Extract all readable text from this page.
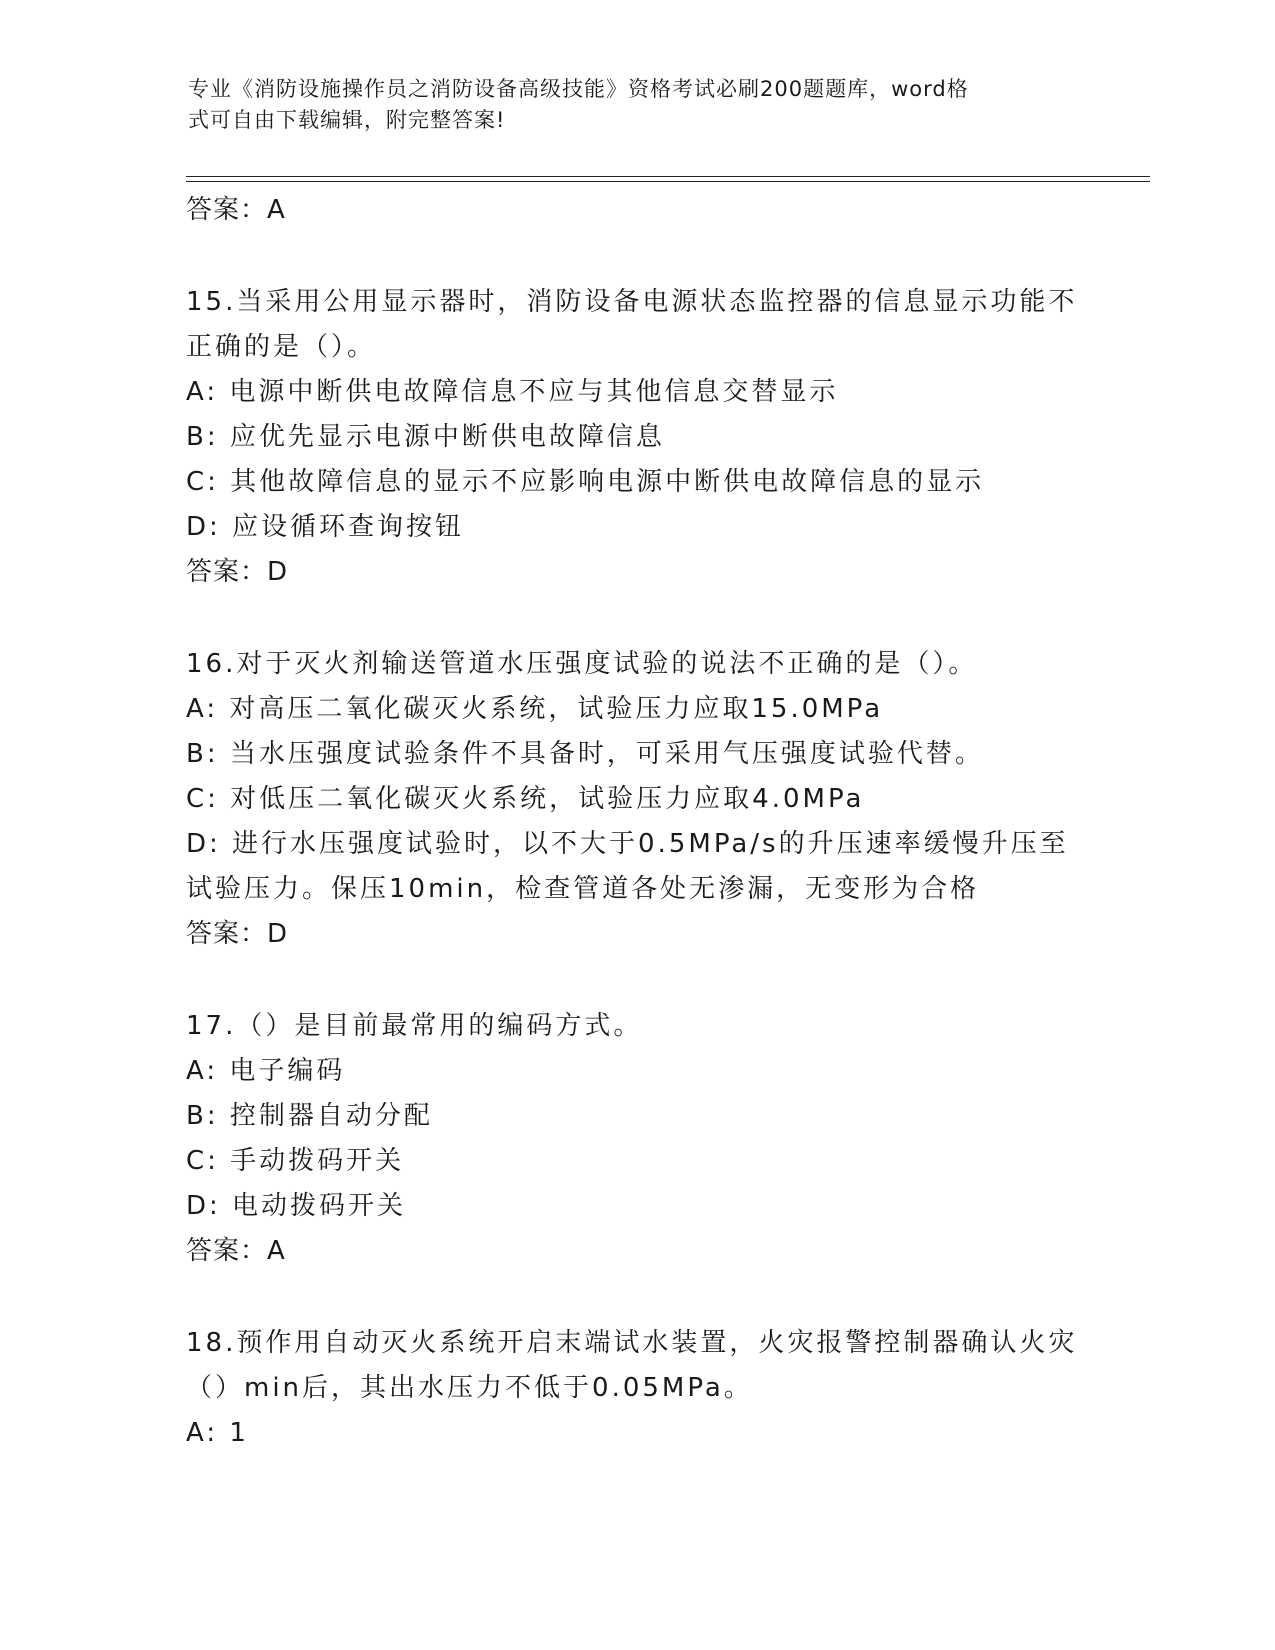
专业《消防设施操作员之消防设备高级技能》资格考试必刷200题题库，word格
式可自由下载编辑，附完整答案!
答案：A
15.当采用公用显示器时，消防设备电源状态监控器的信息显示功能不
正确的是（）。
A: 电源中断供电故障信息不应与其他信息交替显示
B: 应优先显示电源中断供电故障信息
C: 其他故障信息的显示不应影响电源中断供电故障信息的显示
D: 应设循环查询按钮
答案：D
16.对于灭火剂输送管道水压强度试验的说法不正确的是（）。
A: 对高压二氧化碳灭火系统，试验压力应取15.0MPa
B: 当水压强度试验条件不具备时，可采用气压强度试验代替。
C: 对低压二氧化碳灭火系统，试验压力应取4.0MPa
D: 进行水压强度试验时，以不大于0.5MPa/s的升压速率缓慢升压至
试验压力。保压10min，检查管道各处无渗漏，无变形为合格
答案：D
17.（）是目前最常用的编码方式。
A: 电子编码
B: 控制器自动分配
C: 手动拨码开关
D: 电动拨码开关
答案：A
18.预作用自动灭火系统开启末端试水装置，火灾报警控制器确认火灾
（）min后，其出水压力不低于0.05MPa。
A: 1
